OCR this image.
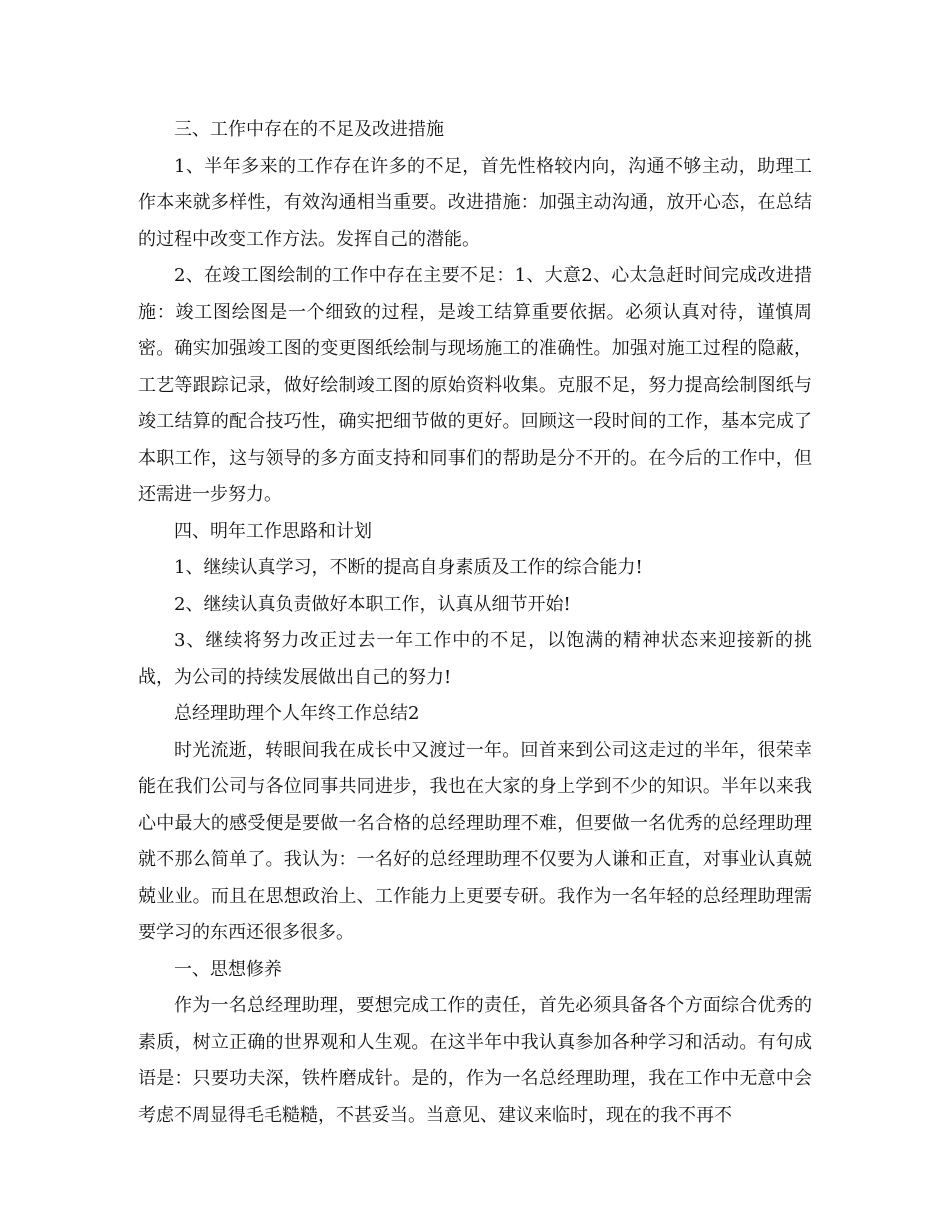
三、工作中存在的不足及改进措施

1、半年多来的工作存在许多的不足，首先性格较内向，沟通不够主动，助理工作本来就多样性，有效沟通相当重要。改进措施：加强主动沟通，放开心态，在总结的过程中改变工作方法。发挥自己的潜能。

2、在竣工图绘制的工作中存在主要不足：1、大意2、心太急赶时间完成改进措施：竣工图绘图是一个细致的过程，是竣工结算重要依据。必须认真对待，谨慎周密。确实加强竣工图的变更图纸绘制与现场施工的准确性。加强对施工过程的隐蔽，工艺等跟踪记录，做好绘制竣工图的原始资料收集。克服不足，努力提高绘制图纸与竣工结算的配合技巧性，确实把细节做的更好。回顾这一段时间的工作，基本完成了本职工作，这与领导的多方面支持和同事们的帮助是分不开的。在今后的工作中，但还需进一步努力。

四、明年工作思路和计划

1、继续认真学习，不断的提高自身素质及工作的综合能力!

2、继续认真负责做好本职工作，认真从细节开始!

3、继续将努力改正过去一年工作中的不足，以饱满的精神状态来迎接新的挑战，为公司的持续发展做出自己的努力!

总经理助理个人年终工作总结2

时光流逝，转眼间我在成长中又渡过一年。回首来到公司这走过的半年，很荣幸能在我们公司与各位同事共同进步，我也在大家的身上学到不少的知识。半年以来我心中最大的感受便是要做一名合格的总经理助理不难，但要做一名优秀的总经理助理就不那么简单了。我认为：一名好的总经理助理不仅要为人谦和正直，对事业认真兢兢业业。而且在思想政治上、工作能力上更要专研。我作为一名年轻的总经理助理需要学习的东西还很多很多。

一、思想修养

作为一名总经理助理，要想完成工作的责任，首先必须具备各个方面综合优秀的素质，树立正确的世界观和人生观。在这半年中我认真参加各种学习和活动。有句成语是：只要功夫深，铁杵磨成针。是的，作为一名总经理助理，我在工作中无意中会考虑不周显得毛毛糙糙，不甚妥当。当意见、建议来临时，现在的我不再不
